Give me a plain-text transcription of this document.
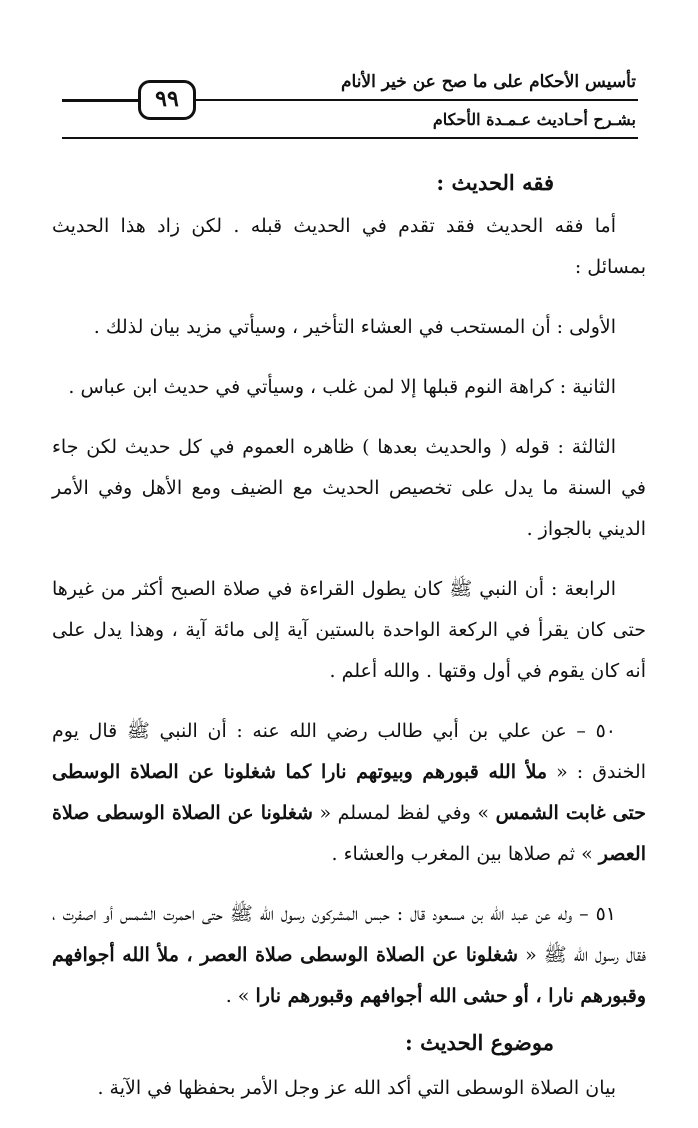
تأسيس الأحكام على ما صح عن خير الأنام
٩٩
بشـرح أحـاديث عـمـدة الأحكام
فقه الحديث :

أما فقه الحديث فقد تقدم في الحديث قبله . لكن زاد هذا الحديث بمسائل :

الأولى : أن المستحب في العشاء التأخير ، وسيأتي مزيد بيان لذلك .

الثانية : كراهة النوم قبلها إلا لمن غلب ، وسيأتي في حديث ابن عباس .

الثالثة : قوله ( والحديث بعدها ) ظاهره العموم في كل حديث لكن جاء في السنة ما يدل على تخصيص الحديث مع الضيف ومع الأهل وفي الأمر الديني بالجواز .

الرابعة : أن النبي ﷺ كان يطول القراءة في صلاة الصبح أكثر من غيرها حتى كان يقرأ في الركعة الواحدة بالستين آية إلى مائة آية ، وهذا يدل على أنه كان يقوم في أول وقتها . والله أعلم .

٥٠ – عن علي بن أبي طالب رضي الله عنه : أن النبي ﷺ قال يوم الخندق : « ملأ الله قبورهم وبيوتهم نارا كما شغلونا عن الصلاة الوسطى حتى غابت الشمس » وفي لفظ لمسلم « شغلونا عن الصلاة الوسطى صلاة العصر » ثم صلاها بين المغرب والعشاء .

٥١ – وله عن عبد الله بن مسعود قال : حبس المشركون رسول الله ﷺ حتى احمرت الشمس أو اصفرت ، فقال رسول الله ﷺ « شغلونا عن الصلاة الوسطى صلاة العصر ، ملأ الله أجوافهم وقبورهم نارا ، أو حشى الله أجوافهم وقبورهم نارا » .

موضوع الحديث :

بيان الصلاة الوسطى التي أكد الله عز وجل الأمر بحفظها في الآية .
